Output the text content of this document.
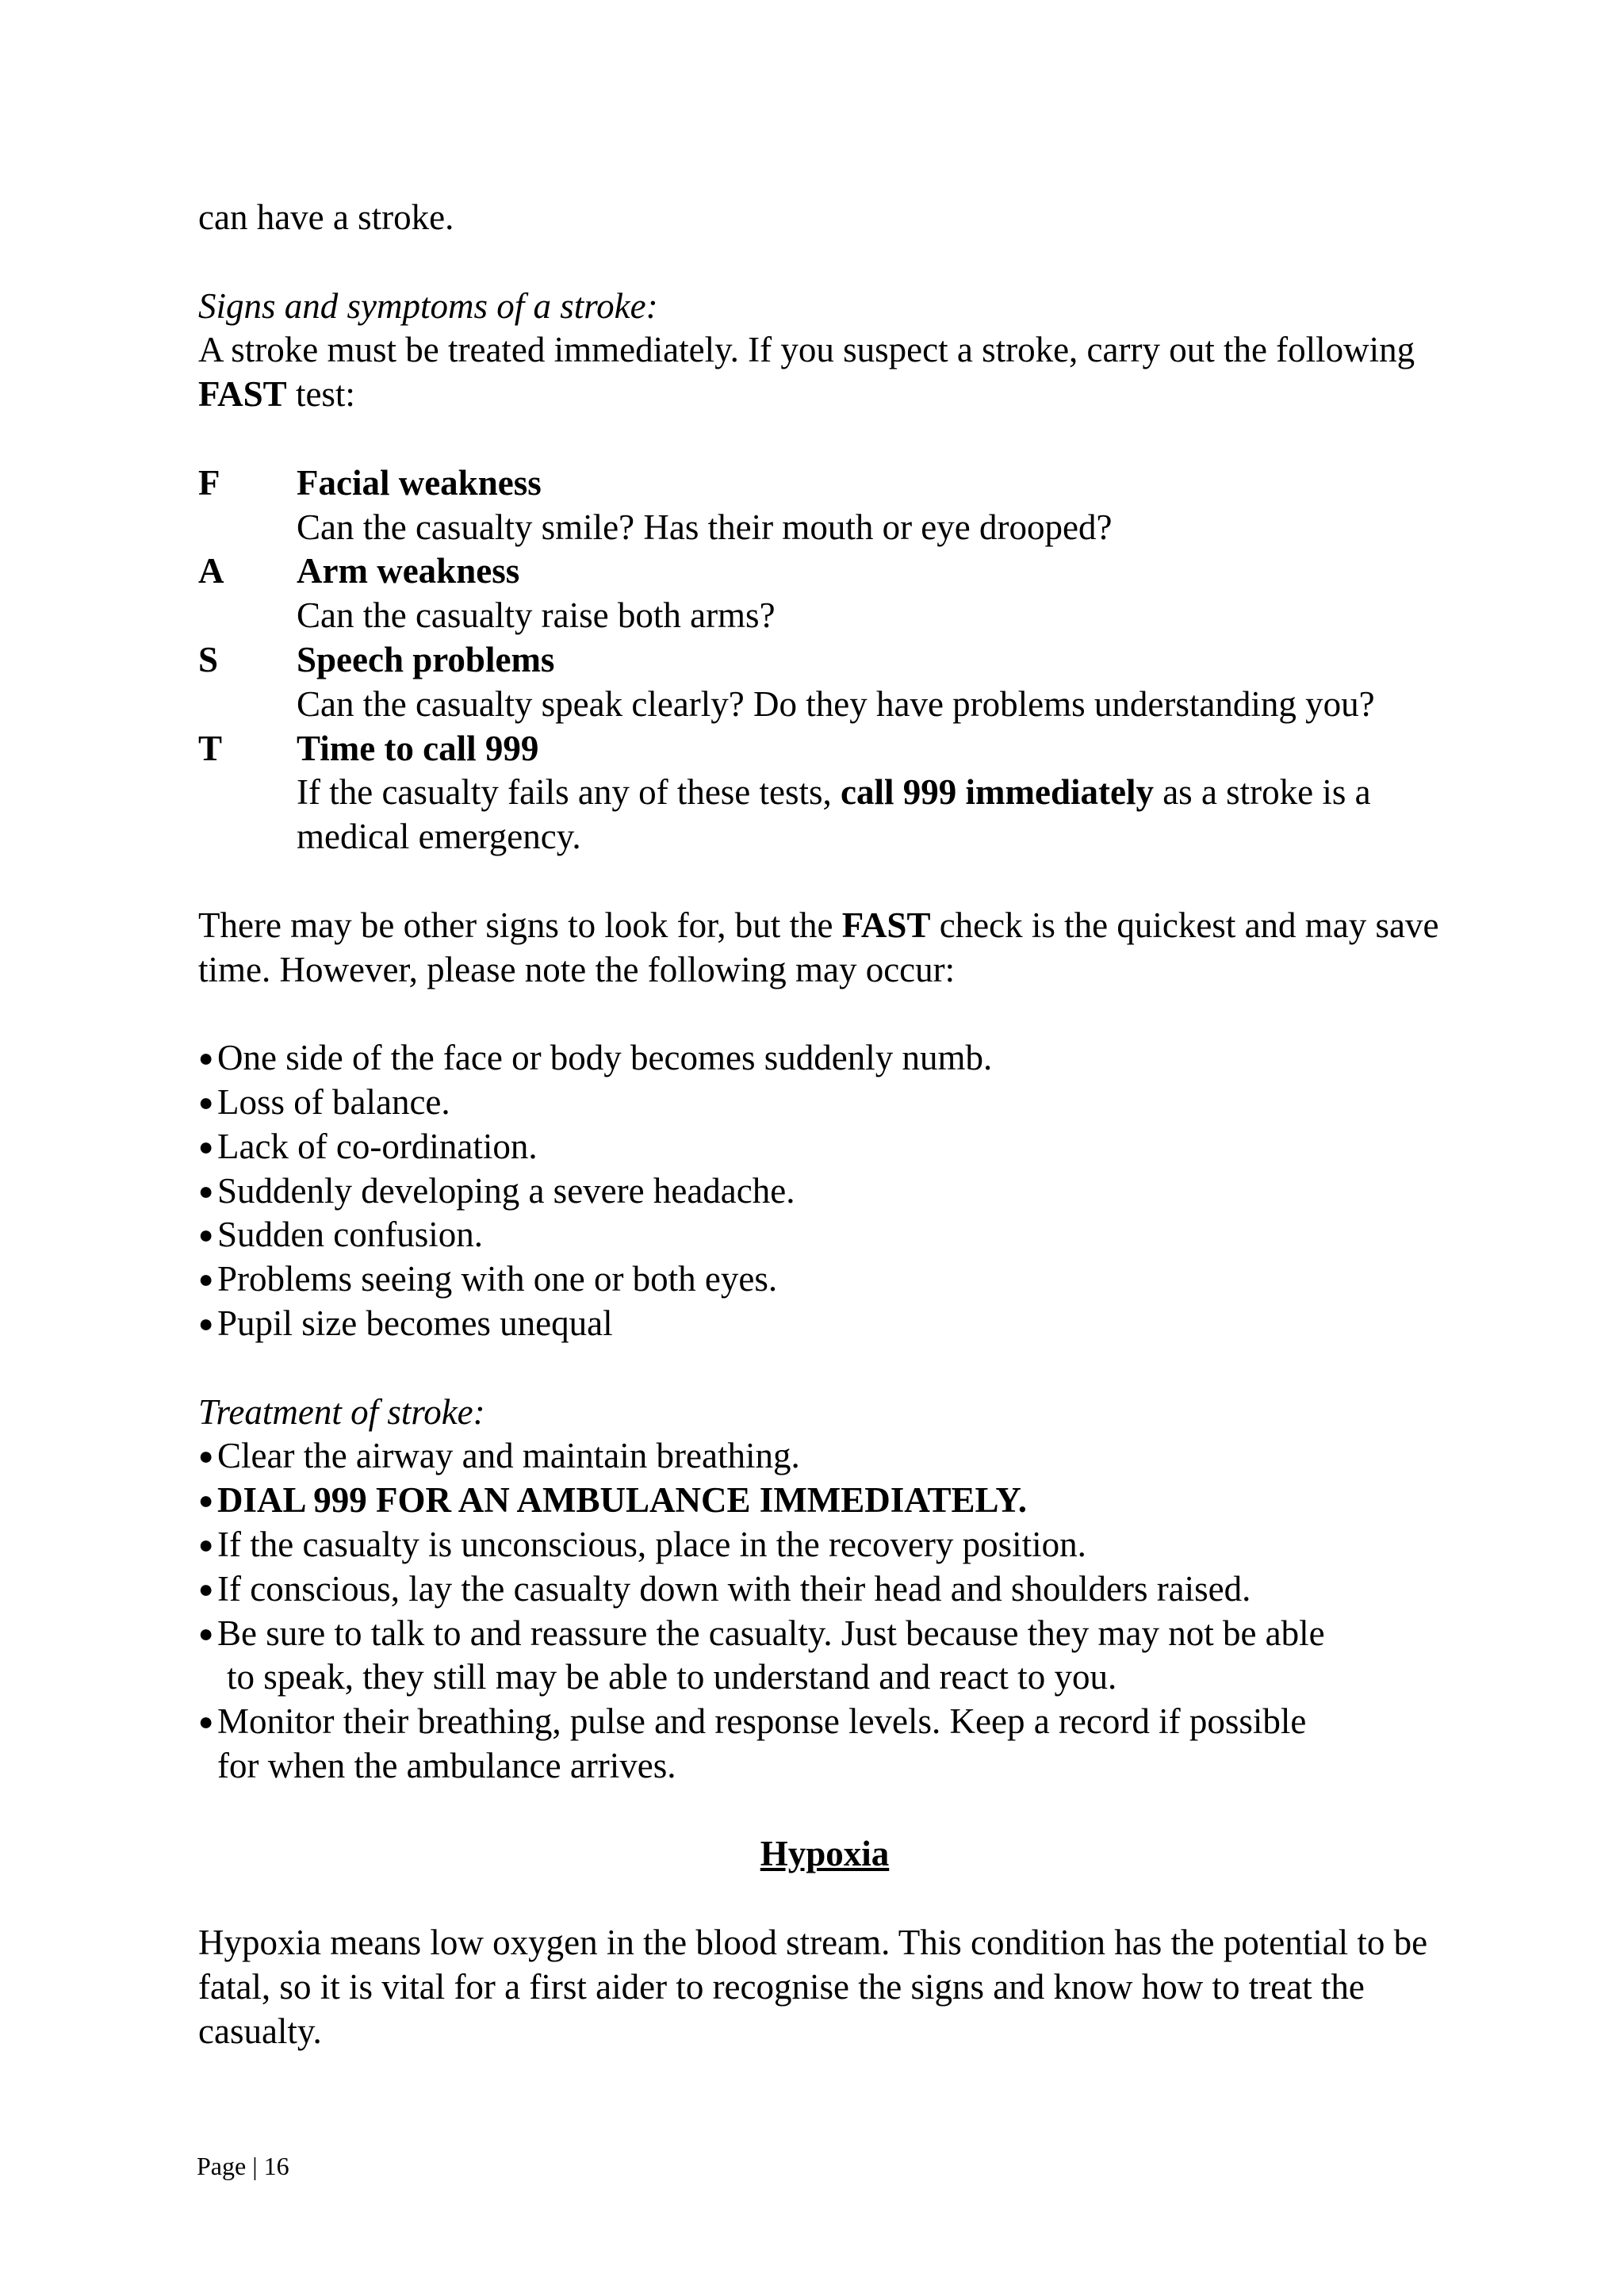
can have a stroke.

Signs and symptoms of a stroke:

A stroke must be treated immediately. If you suspect a stroke, carry out the following FAST test:

F	Facial weakness
Can the casualty smile? Has their mouth or eye drooped?
A	Arm weakness
Can the casualty raise both arms?
S	Speech problems
Can the casualty speak clearly? Do they have problems understanding you?
T	Time to call 999
If the casualty fails any of these tests, call 999 immediately as a stroke is a medical emergency.

There may be other signs to look for, but the FAST check is the quickest and may save time. However, please note the following may occur:

● One side of the face or body becomes suddenly numb.
● Loss of balance.
● Lack of co-ordination.
● Suddenly developing a severe headache.
● Sudden confusion.
● Problems seeing with one or both eyes.
● Pupil size becomes unequal

Treatment of stroke:

● Clear the airway and maintain breathing.
● DIAL 999 FOR AN AMBULANCE IMMEDIATELY.
● If the casualty is unconscious, place in the recovery position.
● If conscious, lay the casualty down with their head and shoulders raised.
● Be sure to talk to and reassure the casualty. Just because they may not be able
to speak, they still may be able to understand and react to you.
● Monitor their breathing, pulse and response levels. Keep a record if possible
for when the ambulance arrives.

Hypoxia

Hypoxia means low oxygen in the blood stream. This condition has the potential to be fatal, so it is vital for a first aider to recognise the signs and know how to treat the casualty.

Page | 16
